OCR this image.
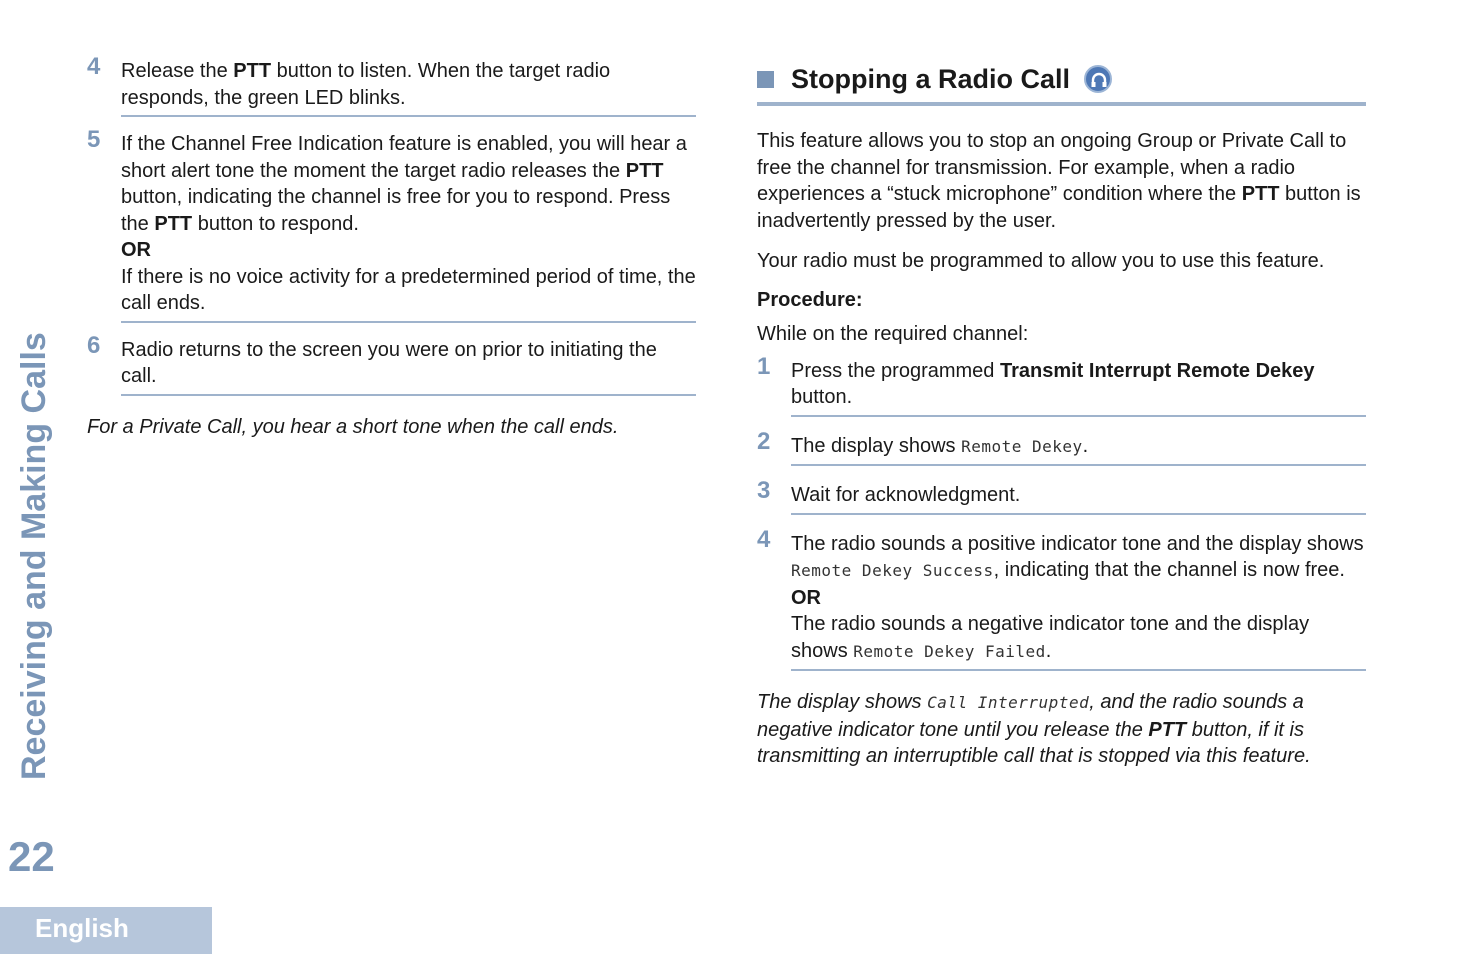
Receiving and Making Calls
22
English
4 Release the PTT button to listen. When the target radio responds, the green LED blinks.
5 If the Channel Free Indication feature is enabled, you will hear a short alert tone the moment the target radio releases the PTT button, indicating the channel is free for you to respond. Press the PTT button to respond.
OR
If there is no voice activity for a predetermined period of time, the call ends.
6 Radio returns to the screen you were on prior to initiating the call.
For a Private Call, you hear a short tone when the call ends.
Stopping a Radio Call
This feature allows you to stop an ongoing Group or Private Call to free the channel for transmission. For example, when a radio experiences a “stuck microphone” condition where the PTT button is inadvertently pressed by the user.
Your radio must be programmed to allow you to use this feature.
Procedure:
While on the required channel:
1 Press the programmed Transmit Interrupt Remote Dekey button.
2 The display shows Remote Dekey.
3 Wait for acknowledgment.
4 The radio sounds a positive indicator tone and the display shows Remote Dekey Success, indicating that the channel is now free.
OR
The radio sounds a negative indicator tone and the display shows Remote Dekey Failed.
The display shows Call Interrupted, and the radio sounds a negative indicator tone until you release the PTT button, if it is transmitting an interruptible call that is stopped via this feature.
